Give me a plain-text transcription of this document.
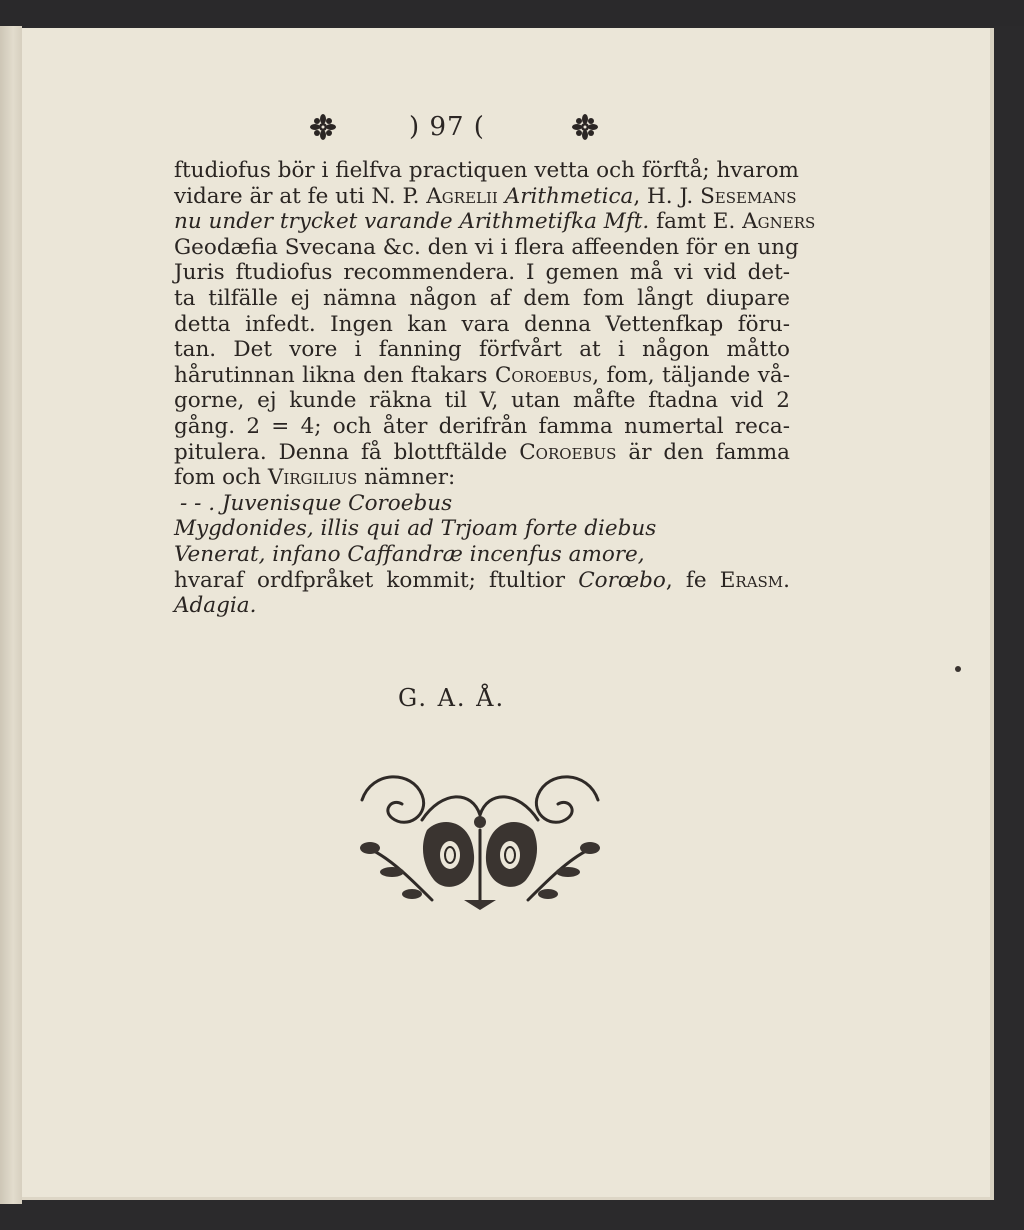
) 97 (
ftudiofus bör i fielfva practiquen vetta och förftå; hvarom
vidare är at fe uti N. P. Agrelii Arithmetica, H. J. Sesemans
nu under trycket varande Arithmetifka Mft. famt E. Agners
Geodæfia Svecana &c. den vi i flera affeenden för en ung
Juris ftudiofus recommendera. I gemen må vi vid det-
ta tilfälle ej nämna någon af dem fom långt diupare
detta infedt. Ingen kan vara denna Vettenfkap föru-
tan. Det vore i fanning förfvårt at i någon måtto
hårutinnan likna den ftakars Coroebus, fom, täljande vå-
gorne, ej kunde räkna til V, utan måfte ftadna vid 2
gång. 2 = 4; och åter derifrån famma numertal reca-
pitulera. Denna få blottftälde Coroebus är den famma
fom och Virgilius nämner:
- - . Juvenisque Coroebus
Mygdonides, illis qui ad Trjoam forte diebus
Venerat, infano Caffandræ incenfus amore,
hvaraf ordfpråket kommit; ftultior Corœbo, fe Erasm.
Adagia.
G. A. Å.
